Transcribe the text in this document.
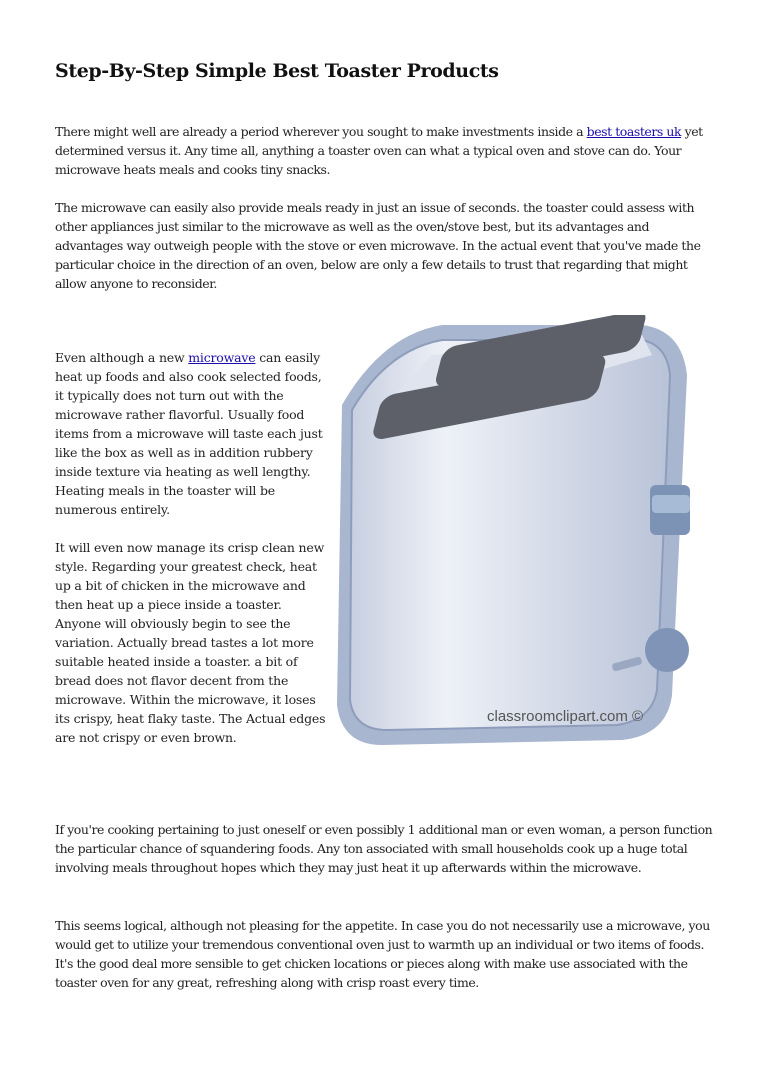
Step-By-Step Simple Best Toaster Products

There might well are already a period wherever you sought to make investments inside a best toasters uk yet determined versus it. Any time all, anything a toaster oven can what a typical oven and stove can do. Your microwave heats meals and cooks tiny snacks.

The microwave can easily also provide meals ready in just an issue of seconds. the toaster could assess with other appliances just similar to the microwave as well as the oven/stove best, but its advantages and advantages way outweigh people with the stove or even microwave. In the actual event that you've made the particular choice in the direction of an oven, below are only a few details to trust that regarding that might allow anyone to reconsider.

classroomclipart.com ©

Even although a new microwave can easily heat up foods and also cook selected foods, it typically does not turn out with the microwave rather flavorful. Usually food items from a microwave will taste each just like the box as well as in addition rubbery inside texture via heating as well lengthy. Heating meals in the toaster will be numerous entirely.

It will even now manage its crisp clean new style. Regarding your greatest check, heat up a bit of chicken in the microwave and then heat up a piece inside a toaster. Anyone will obviously begin to see the variation. Actually bread tastes a lot more suitable heated inside a toaster. a bit of bread does not flavor decent from the microwave. Within the microwave, it loses its crispy, heat flaky taste. The Actual edges are not crispy or even brown.

If you're cooking pertaining to just oneself or even possibly 1 additional man or even woman, a person function the particular chance of squandering foods. Any ton associated with small households cook up a huge total involving meals throughout hopes which they may just heat it up afterwards within the microwave.

This seems logical, although not pleasing for the appetite. In case you do not necessarily use a microwave, you would get to utilize your tremendous conventional oven just to warmth up an individual or two items of foods. It's the good deal more sensible to get chicken locations or pieces along with make use associated with the toaster oven for any great, refreshing along with crisp roast every time.
